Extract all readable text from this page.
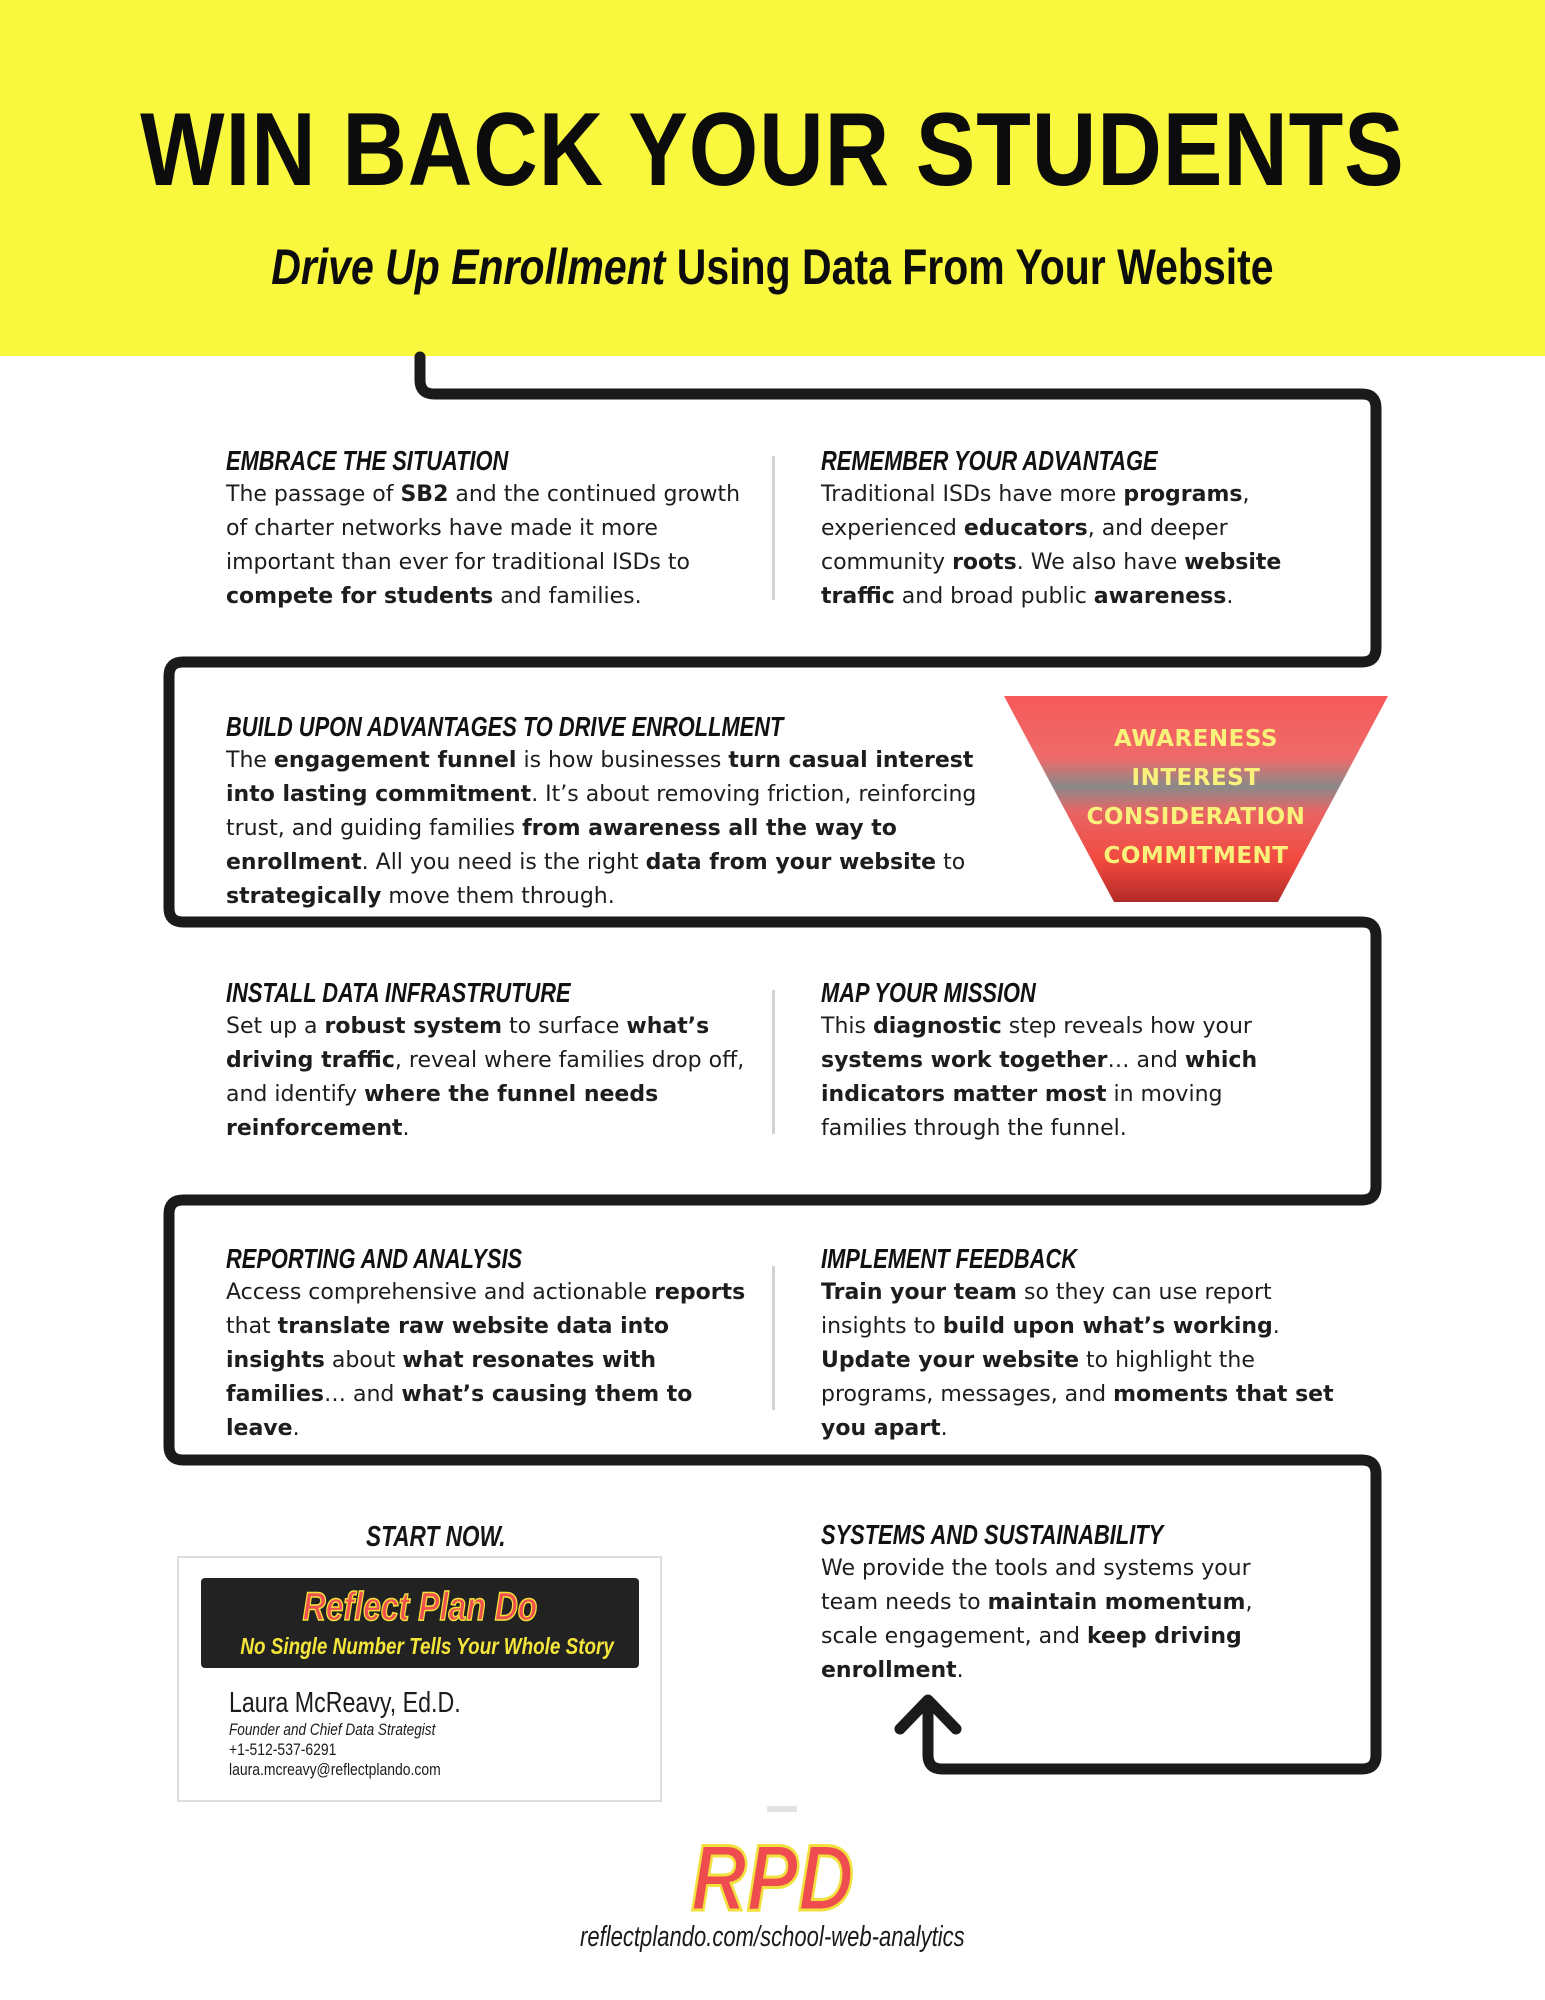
WIN BACK YOUR STUDENTS
Drive Up Enrollment Using Data From Your Website
EMBRACE THE SITUATION
The passage of SB2 and the continued growth of charter networks have made it more important than ever for traditional ISDs to compete for students and families.
REMEMBER YOUR ADVANTAGE
Traditional ISDs have more programs, experienced educators, and deeper community roots. We also have website traffic and broad public awareness.
BUILD UPON ADVANTAGES TO DRIVE ENROLLMENT
The engagement funnel is how businesses turn casual interest into lasting commitment. It’s about removing friction, reinforcing trust, and guiding families from awareness all the way to enrollment. All you need is the right data from your website to strategically move them through.
AWARENESS
INTEREST
CONSIDERATION
COMMITMENT
INSTALL DATA INFRASTRUTURE
Set up a robust system to surface what’s driving traffic, reveal where families drop off, and identify where the funnel needs reinforcement.
MAP YOUR MISSION
This diagnostic step reveals how your systems work together… and which indicators matter most in moving families through the funnel.
REPORTING AND ANALYSIS
Access comprehensive and actionable reports that translate raw website data into insights about what resonates with families… and what’s causing them to leave.
IMPLEMENT FEEDBACK
Train your team so they can use report insights to build upon what’s working. Update your website to highlight the programs, messages, and moments that set you apart.
SYSTEMS AND SUSTAINABILITY
We provide the tools and systems your team needs to maintain momentum, scale engagement, and keep driving enrollment.
START NOW.
Reflect Plan Do
No Single Number Tells Your Whole Story
Laura McReavy, Ed.D.
Founder and Chief Data Strategist
+1-512-537-6291
laura.mcreavy@reflectplando.com
RPD
reflectplando.com/school-web-analytics
